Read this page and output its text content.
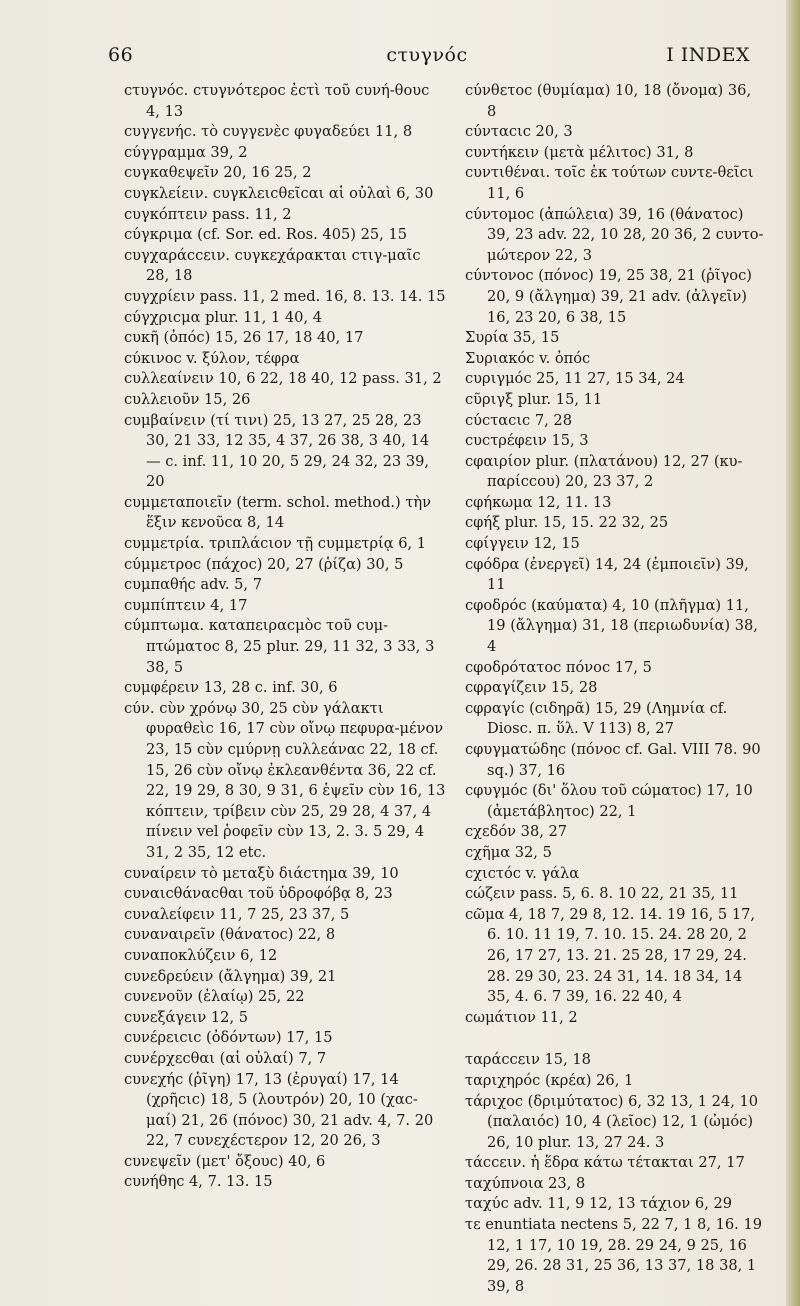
66	ϲτυγνόϲ	I INDEX
ϲτυγνόϲ. ϲτυγνότεροϲ ἐϲτὶ τοῦ ϲυνή-θουϲ 4, 13
ϲυγγενήϲ. τὸ ϲυγγενὲϲ φυγαδεύει 11, 8
ϲύγγραμμα 39, 2
ϲυγκαθεψεῖν 20, 16 25, 2
ϲυγκλείειν. ϲυγκλειϲθεῖϲαι αἱ οὐλαὶ 6, 30
ϲυγκόπτειν pass. 11, 2
ϲύγκριμα (cf. Sor. ed. Ros. 405) 25, 15
ϲυγχαράϲϲειν. ϲυγκεχάρακται ϲτιγ-μαῖϲ 28, 18
ϲυγχρίειν pass. 11, 2 med. 16, 8. 13. 14. 15
ϲύγχριϲμα plur. 11, 1 40, 4
ϲυκῆ (ὀπόϲ) 15, 26 17, 18 40, 17
ϲύκινοϲ v. ξύλον, τέφρα
ϲυλλεαίνειν 10, 6 22, 18 40, 12 pass. 31, 2
ϲυλλειοῦν 15, 26
ϲυμβαίνειν (τί τινι) 25, 13 27, 25 28, 23 30, 21 33, 12 35, 4 37, 26 38, 3 40, 14 — c. inf. 11, 10 20, 5 29, 24 32, 23 39, 20
ϲυμμεταποιεῖν (term. schol. method.) τὴν ἕξιν κενοῦϲα 8, 14
ϲυμμετρία. τριπλάϲιον τῇ ϲυμμετρίᾳ 6, 1
ϲύμμετροϲ (πάχοϲ) 20, 27 (ῥίζα) 30, 5
ϲυμπαθήϲ adv. 5, 7
ϲυμπίπτειν 4, 17
ϲύμπτωμα. καταπειραϲμὸϲ τοῦ ϲυμ-πτώματοϲ 8, 25 plur. 29, 11 32, 3 33, 3 38, 5
ϲυμφέρειν 13, 28 c. inf. 30, 6
ϲύν. ϲὺν χρόνῳ 30, 25 ϲὺν γάλακτι φυραθεὶϲ 16, 17 ϲὺν οἴνῳ πεφυρα-μένον 23, 15 ϲὺν ϲμύρνῃ ϲυλλεάναϲ 22, 18 cf. 15, 26 ϲὺν οἴνῳ ἐκλεανθέντα 36, 22 cf. 22, 19 29, 8 30, 9 31, 6 ἑψεῖν ϲὺν 16, 13 κόπτειν, τρίβειν ϲὺν 25, 29 28, 4 37, 4 πίνειν vel ῥοφεῖν ϲὺν 13, 2. 3. 5 29, 4 31, 2 35, 12 etc.
ϲυναίρειν τὸ μεταξὺ διάϲτημα 39, 10
ϲυναιϲθάναϲθαι τοῦ ὑδροφόβᾳ 8, 23
ϲυναλείφειν 11, 7 25, 23 37, 5
ϲυναναιρεῖν (θάνατοϲ) 22, 8
ϲυναποκλύζειν 6, 12
ϲυνεδρεύειν (ἄλγημα) 39, 21
ϲυνενοῦν (ἐλαίῳ) 25, 22
ϲυνεξάγειν 12, 5
ϲυνέρειϲιϲ (ὀδόντων) 17, 15
ϲυνέρχεϲθαι (αἱ οὐλαί) 7, 7
ϲυνεχήϲ (ῥῖγη) 17, 13 (ἐρυγαί) 17, 14 (χρῆϲιϲ) 18, 5 (λουτρόν) 20, 10 (χαϲ-μαί) 21, 26 (πόνοϲ) 30, 21 adv. 4, 7. 20 22, 7 ϲυνεχέϲτερον 12, 20 26, 3
ϲυνεψεῖν (μετ' ὄξουϲ) 40, 6
ϲυνήθηϲ 4, 7. 13. 15
ϲύνθετοϲ (θυμίαμα) 10, 18 (ὄνομα) 36, 8
ϲύνταϲιϲ 20, 3
ϲυντήκειν (μετὰ μέλιτοϲ) 31, 8
ϲυντιθέναι. τοῖϲ ἐκ τούτων ϲυντε-θεῖϲι 11, 6
ϲύντομοϲ (ἀπώλεια) 39, 16 (θάνατοϲ) 39, 23 adv. 22, 10 28, 20 36, 2 ϲυντο-μώτερον 22, 3
ϲύντονοϲ (πόνοϲ) 19, 25 38, 21 (ῥῖγοϲ) 20, 9 (ἄλγημα) 39, 21 adv. (ἀλγεῖν) 16, 23 20, 6 38, 15
Συρία 35, 15
Συριακόϲ v. ὀπόϲ
ϲυριγμόϲ 25, 11 27, 15 34, 24
ϲῦριγξ plur. 15, 11
ϲύϲταϲιϲ 7, 28
ϲυϲτρέφειν 15, 3
ϲφαιρίον plur. (πλατάνου) 12, 27 (κυ-παρίϲϲου) 20, 23 37, 2
ϲφήκωμα 12, 11. 13
ϲφήξ plur. 15, 15. 22 32, 25
ϲφίγγειν 12, 15
ϲφόδρα (ἐνεργεῖ) 14, 24 (ἐμποιεῖν) 39, 11
ϲφοδρόϲ (καύματα) 4, 10 (πλῆγμα) 11, 19 (ἄλγημα) 31, 18 (περιωδυνία) 38, 4
ϲφοδρότατοϲ πόνοϲ 17, 5
ϲφραγίζειν 15, 28
ϲφραγίϲ (ϲιδηρᾶ) 15, 29 (Λημνία cf. Diosc. π. ὕλ. V 113) 8, 27
ϲφυγματώδηϲ (πόνοϲ cf. Gal. VIII 78. 90 sq.) 37, 16
ϲφυγμόϲ (δι' ὅλου τοῦ ϲώματοϲ) 17, 10 (ἀμετάβλητοϲ) 22, 1
ϲχεδόν 38, 27
ϲχῆμα 32, 5
ϲχιϲτόϲ v. γάλα
ϲώζειν pass. 5, 6. 8. 10 22, 21 35, 11
ϲῶμα 4, 18 7, 29 8, 12. 14. 19 16, 5 17, 6. 10. 11 19, 7. 10. 15. 24. 28 20, 2 26, 17 27, 13. 21. 25 28, 17 29, 24. 28. 29 30, 23. 24 31, 14. 18 34, 14 35, 4. 6. 7 39, 16. 22 40, 4
ϲωμάτιον 11, 2
ταράϲϲειν 15, 18
ταριχηρόϲ (κρέα) 26, 1
τάριχοϲ (δριμύτατοϲ) 6, 32 13, 1 24, 10 (παλαιόϲ) 10, 4 (λεῖοϲ) 12, 1 (ὠμόϲ) 26, 10 plur. 13, 27 24. 3
τάϲϲειν. ἡ ἕδρα κάτω τέτακται 27, 17
ταχύπνοια 23, 8
ταχύϲ adv. 11, 9 12, 13 τάχιον 6, 29
τε enuntiata nectens 5, 22 7, 1 8, 16. 19 12, 1 17, 10 19, 28. 29 24, 9 25, 16 29, 26. 28 31, 25 36, 13 37, 18 38, 1 39, 8
